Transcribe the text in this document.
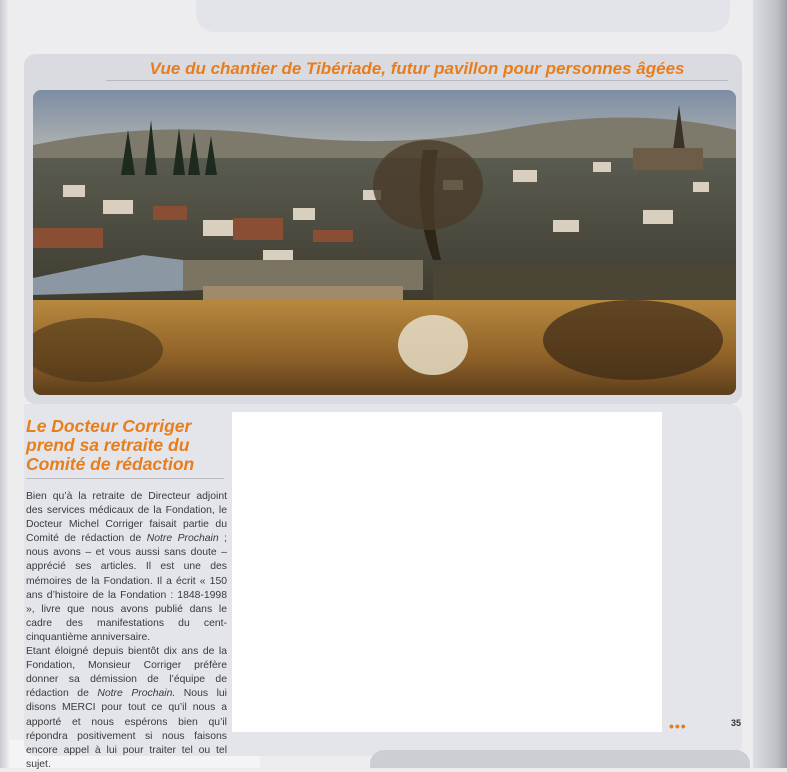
Vue du chantier de Tibériade, futur pavillon pour personnes âgées
Le Docteur Corriger
prend sa retraite du
Comité de rédaction
Bien qu’à la retraite de Directeur adjoint des services médicaux de la Fondation, le Docteur Michel Corriger faisait partie du Comité de rédaction de Notre Prochain ; nous avons – et vous aussi sans doute – apprécié ses articles. Il est une des mémoires de la Fondation. Il a écrit « 150 ans d’histoire de la Fondation : 1848-1998 », livre que nous avons publié dans le cadre des manifestations du cent-cinquantième anniversaire.
Etant éloigné depuis bientôt dix ans de la Fondation, Monsieur Corriger préfère donner sa démission de l’équipe de rédaction de Notre Prochain. Nous lui disons MERCI pour tout ce qu’il nous a apporté et nous espérons bien qu’il répondra positivement si nous faisons encore appel à lui pour traiter tel ou tel sujet.
•••	35
